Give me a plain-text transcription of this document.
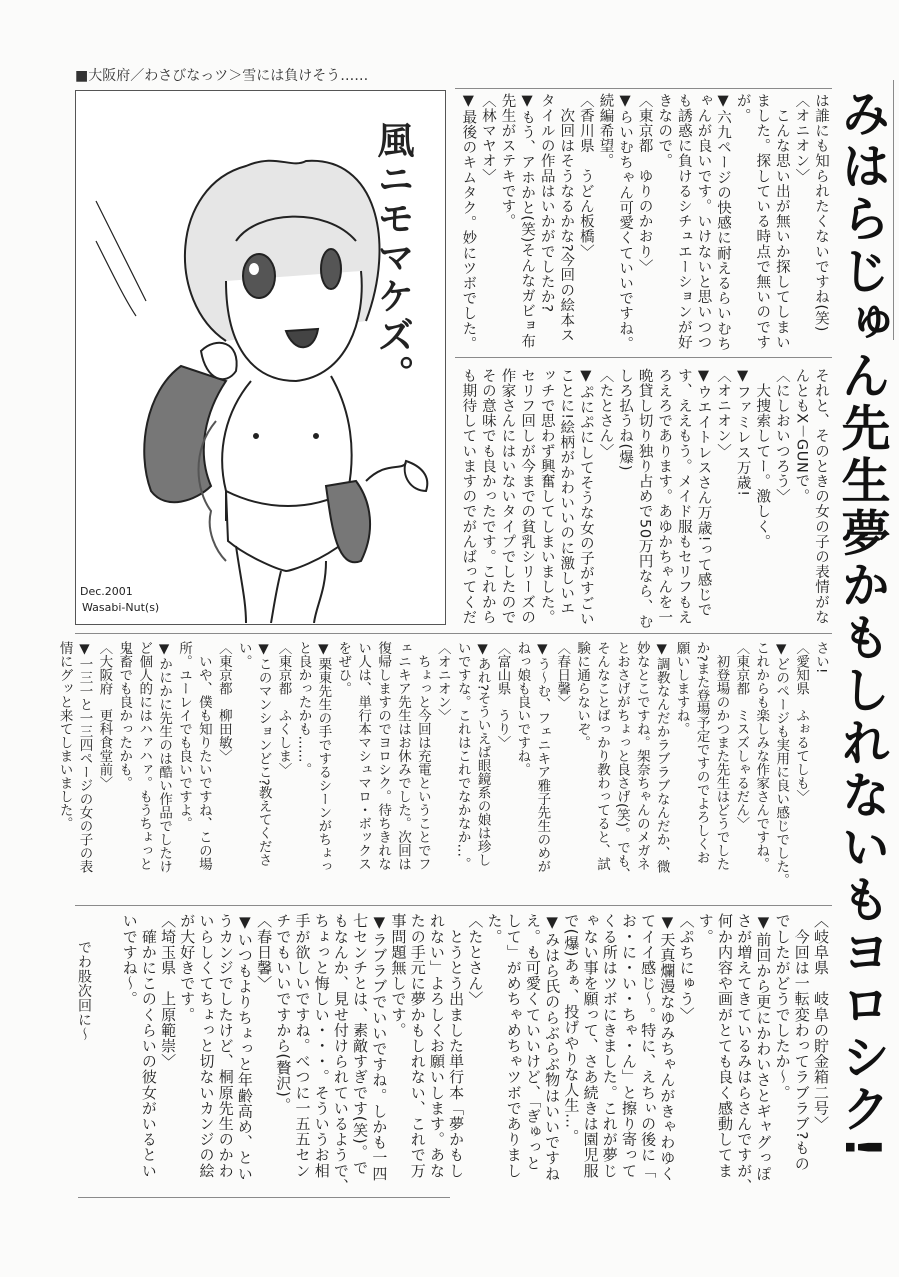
■大阪府／わさびなっツ＞雪には負けそう……
風ニモマケズ。
Dec.2001
Wasabi-Nut(s)
は誰にも知られたくないですね(笑)
〈オニオン〉
　こんな思い出が無いか探してしまい
ました。探している時点で無いのです
が。
▼六九ページの快感に耐えるらいむち
ゃんが良いです。いけないと思いつつ
も誘惑に負けるシチュエーションが好
きなので。
〈東京都　ゆりのかおり〉
▼らいむちゃん可愛くていいですね。
続編希望。
〈香川県　うどん板橋〉
　次回はそうなるかな?今回の絵本ス
タイルの作品はいかがでしたか?
▼もう、アホかと(笑)そんなガビョ布
先生がステキです。
〈林マヤオ〉
▼最後のキムタク。妙にツボでした。
それと、そのときの女の子の表情がな
んともX－GUNで。
〈にしおいつろう〉
　大捜索してー。激しく。
▼ファミレス万歳!
〈オニオン〉
▼ウエイトレスさん万歳!って感じで
す、ええもう。メイド服もセリフもえ
ろえろであります。あゆかちゃんを一
晩貸し切り独り占めで50万円なら、む
しろ払うね(爆)
〈たとさん〉
▼ぷにぷにしてそうな女の子がすごい
ことに!絵柄がかわいいのに激しいエ
ッチで思わず興奮してしまいました。
セリフ回しが今までの貧乳シリーズの
作家さんにはいないタイプでしたので
その意味でも良かったです。これから
も期待していますのでがんばってくだ
さい!
〈愛知県　ふぉるてしも〉
▼どのページも実用に良い感じでした。
これからも楽しみな作家さんですね。
〈東京都　ミスズしゃるだん〉
　初登場のかつまた先生はどうでした
か?また登場予定ですのでよろしくお
願いしますね。
▼調教なんだかラブラブなんだか、微
妙なとこですね。架奈ちゃんのメガネ
とおさげがちょっと良さげ(笑)。でも、
そんなことばっかり教わってると、試
験に通らないぞ。
〈春日馨〉
▼う～む、フェニキア雅子先生のめが
ねっ娘も良いですね。
〈富山県　うり〉
▼あれ?そういえば眼鏡系の娘は珍し
いですな。これはこれでなかなか…。
〈オニオン〉
　ちょっと今回は充電ということでフ
ェニキア先生はお休みでした。次回は
復帰しますのでヨロシク。待ちきれな
い人は、単行本マシュマロ・ボックス
をぜひ。
▼栗東先生の手でするシーンがちょっ
と良かったかも……。
〈東京都　ふくしま〉
▼このマンションどこ?教えてくださ
い。
〈東京都　柳田敏〉
　いや、僕も知りたいですね、この場
所。ユーレイでも良いですよ。
▼かにかに先生のは酷い作品でしたけ
ど個人的にはハァハァ。もうちょっと
鬼畜でも良かったかも。
〈大阪府　更科食堂前〉
▼一三一と一三四ページの女の子の表
情にグッと来てしまいました。
〈岐阜県　岐阜の貯金箱二号〉
　今回は一転変わってラブラブ?もの
でしたがどうでしたか～。
▼前回から更にかわいさとギャグっぽ
さが増えてきているみはらさんですが、
何か内容や画がとても良く感動してま
す。
〈ぷちにゅう〉
▼天真爛漫なゆみちゃんがきゃわゆく
てイイ感じ～。特に、えちぃの後に「
お・に・い・ちゃ・ん」と擦り寄って
くる所はツボにきました。これが夢じ
ゃない事を願って、さあ続きは園児服
で(爆)あぁ、投げやりな人生…。
▼みはら氏のらぶらぶ物はいいですね
え。も可愛くていいけど、「ぎゅっと
して」がめちゃめちゃツボでありまし
た。
〈たとさん〉
　とうとう出ました単行本「夢かもし
れない」よろしくお願いします。あな
たの手元に夢かもしれない、これで万
事問題無しです。
▼ラブラブでいいですね。しかも一四
七センチとは、素敵すぎです(笑)。で
もなんか、見せ付けられているようで、
ちょっと悔しい・・・。そういうお相
手が欲しいですね。べつに一五五セン
チでもいいですから(贅沢)。
〈春日馨〉
▼いつもよりちょっと年齢高め、とい
うカンジでしたけど、桐原先生のかわ
いらしくてちょっと切ないカンジの絵
が大好きです。
〈埼玉県　上原範崇〉
　確かにこのくらいの彼女がいるとい
いですね～。
でわ股次回に～	みはらじゅん先生夢かもしれないもヨロシク!
